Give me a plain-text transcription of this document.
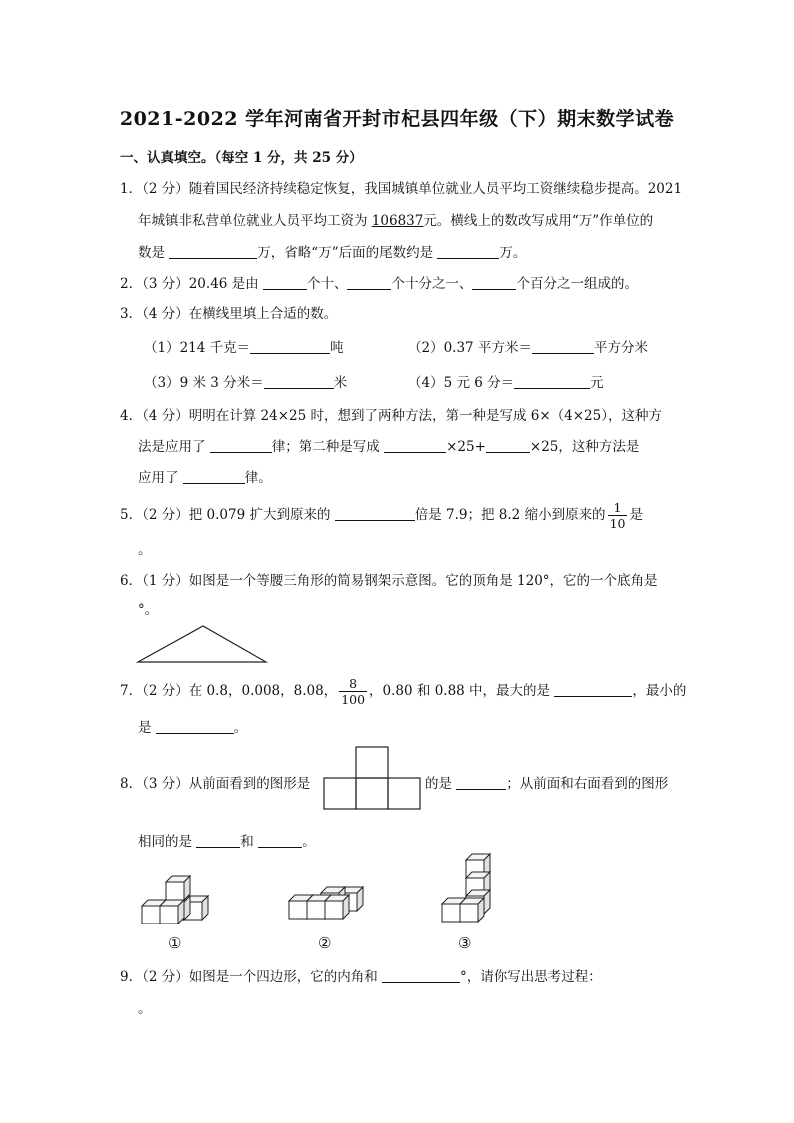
2021-2022 学年河南省开封市杞县四年级（下）期末数学试卷
一、认真填空。（每空 1 分，共 25 分）
1．（2 分）随着国民经济持续稳定恢复，我国城镇单位就业人员平均工资继续稳步提高。2021
年城镇非私营单位就业人员平均工资为 106837元。横线上的数改写成用“万”作单位的
数是	万，省略“万”后面的尾数约是	万。
2．（3 分）20.46 是由	个十、	个十分之一、	个百分之一组成的。
3．（4 分）在横线里填上合适的数。
（1）214 千克＝	吨	（2）0.37 平方米＝	平方分米
（3）9 米 3 分米＝	米	（4）5 元 6 分＝	元
4．（4 分）明明在计算 24×25 时，想到了两种方法，第一种是写成 6×（4×25），这种方
法是应用了	律；第二种是写成	×25+	×25，这种方法是
应用了	律。
5．（2 分）把 0.079 扩大到原来的	倍是 7.9；把 8.2 缩小到原来的 $\frac{1}{10}$ 是
。
6．（1 分）如图是一个等腰三角形的简易钢架示意图。它的顶角是 120°，它的一个底角是
°。
7．（2 分）在 0.8，0.008，8.08， $\frac{8}{100}$ ，0.80 和 0.88 中，最大的是	，最小的
是	。
8．（3 分）从前面看到的图形是	的是	；从前面和右面看到的图形
相同的是	和	。
①	②	③
9．（2 分）如图是一个四边形，它的内角和	°，请你写出思考过程：
。
